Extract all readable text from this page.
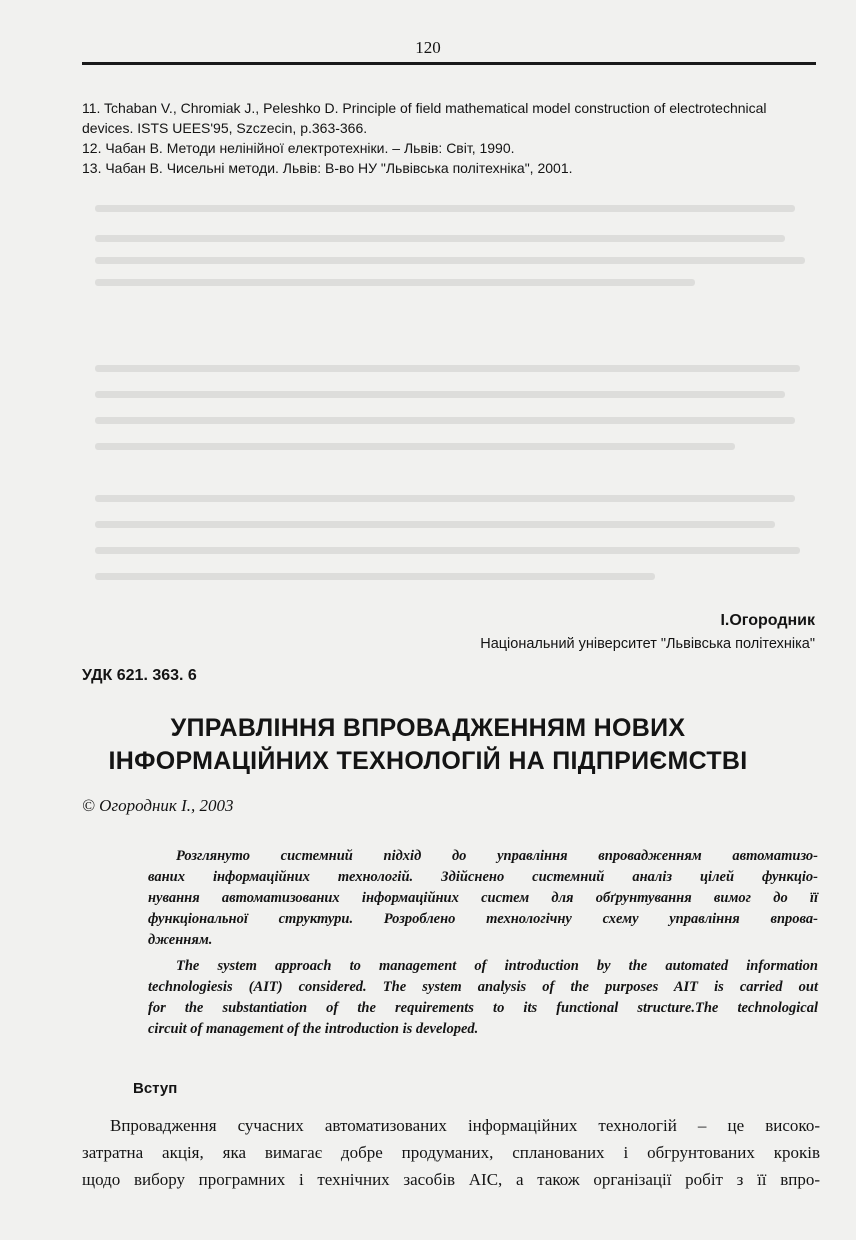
120

11. Tchaban V., Chromiak J., Peleshko D. Principle of field mathematical model construction of electrotechnical

devices. ISTS UEES'95, Szczecin, p.363-366.

12. Чабан В. Методи нелінійної електротехніки. – Львів: Світ, 1990.

13. Чабан В. Чисельні методи. Львів: В-во НУ "Львівська політехніка", 2001.

І.Огородник
Національний університет "Львівська політехніка"
УДК 621. 363. 6
УПРАВЛІННЯ ВПРОВАДЖЕННЯМ НОВИХ
ІНФОРМАЦІЙНИХ ТЕХНОЛОГІЙ НА ПІДПРИЄМСТВІ
© Огородник І., 2003
Розглянуто системний підхід до управління впровадженням автоматизо-
ваних інформаційних технологій. Здійснено системний аналіз цілей функціо-
нування автоматизованих інформаційних систем для обґрунтування вимог до її
функціональної структури. Розроблено технологічну схему управління впрова-
дженням.
The system approach to management of introduction by the automated information
technologiesis (AIT) considered. The system analysis of the purposes AIT is carried out
for the substantiation of the requirements to its functional structure.The technological
circuit of management of the introduction is developed.
Вступ
Впровадження сучасних автоматизованих інформаційних технологій – це високо-
затратна акція, яка вимагає добре продуманих, спланованих і обгрунтованих кроків
щодо вибору програмних і технічних засобів АІС, а також організації робіт з її впро-
